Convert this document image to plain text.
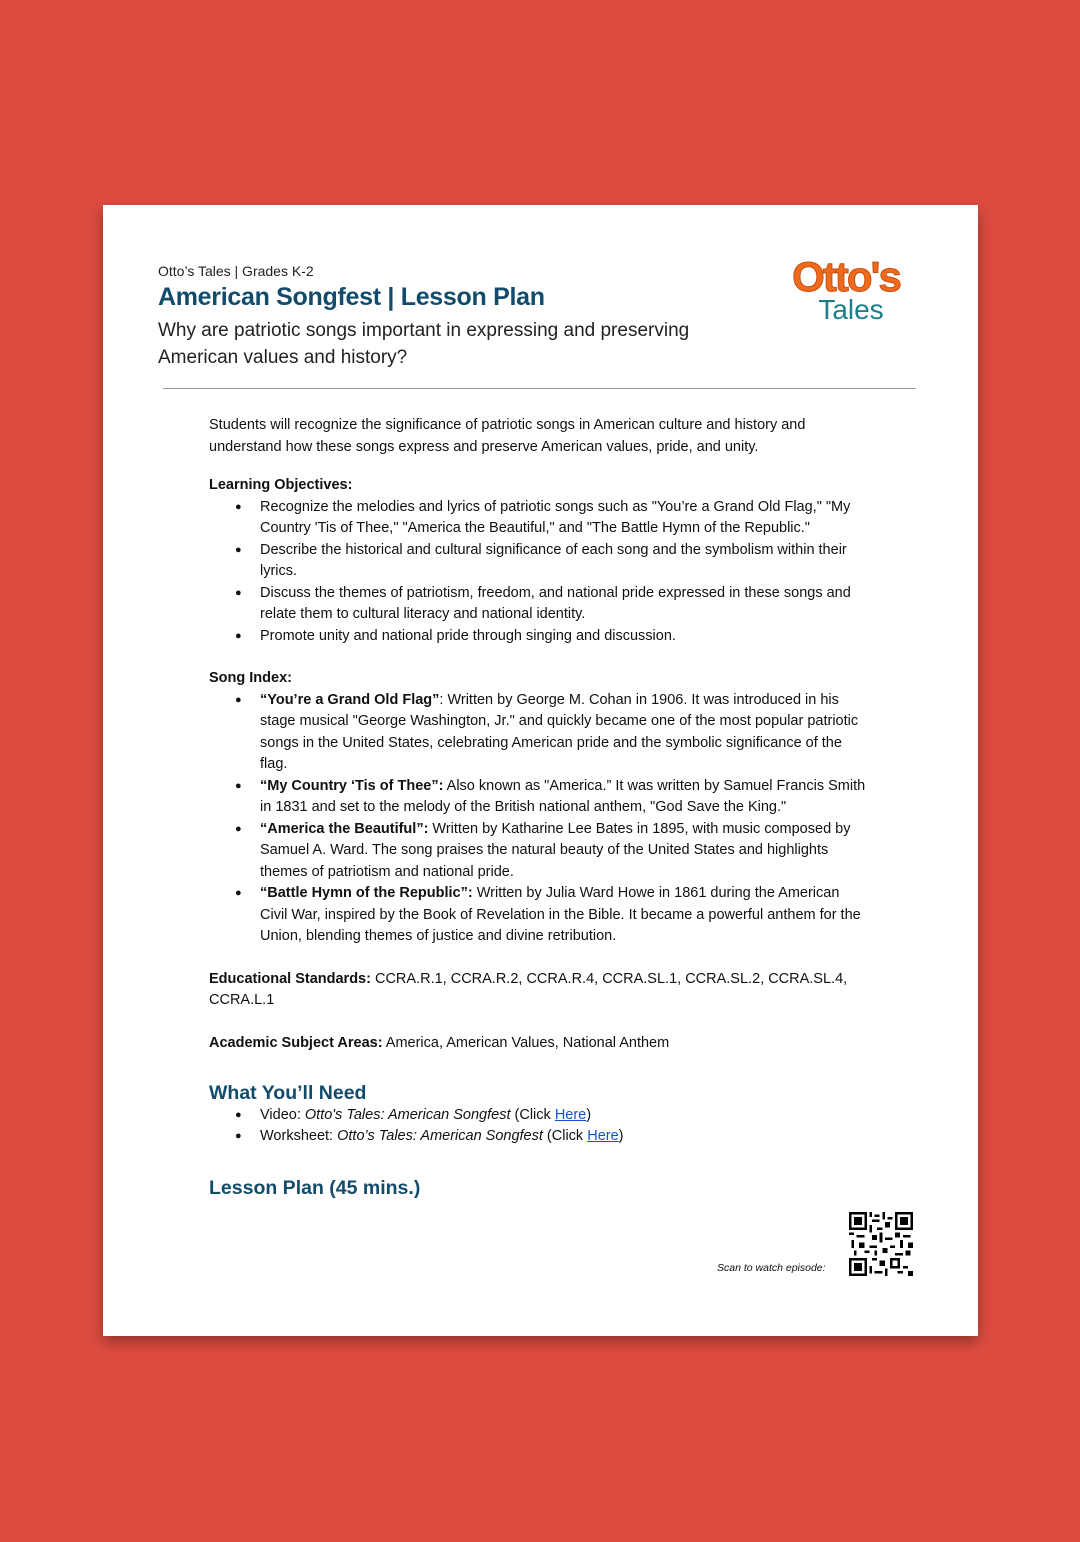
Otto’s Tales | Grades K-2
American Songfest | Lesson Plan
Why are patriotic songs important in expressing and preserving American values and history?
Otto's
Tales

Students will recognize the significance of patriotic songs in American culture and history and understand how these songs express and preserve American values, pride, and unity.

Learning Objectives:

● Recognize the melodies and lyrics of patriotic songs such as "You’re a Grand Old Flag," "My Country 'Tis of Thee," "America the Beautiful," and "The Battle Hymn of the Republic."
● Describe the historical and cultural significance of each song and the symbolism within their lyrics.
● Discuss the themes of patriotism, freedom, and national pride expressed in these songs and relate them to cultural literacy and national identity.
● Promote unity and national pride through singing and discussion.

Song Index:

● “You’re a Grand Old Flag”: Written by George M. Cohan in 1906. It was introduced in his stage musical "George Washington, Jr." and quickly became one of the most popular patriotic songs in the United States, celebrating American pride and the symbolic significance of the flag.
● “My Country ‘Tis of Thee”: Also known as "America.” It was written by Samuel Francis Smith in 1831 and set to the melody of the British national anthem, "God Save the King."
● “America the Beautiful”: Written by Katharine Lee Bates in 1895, with music composed by Samuel A. Ward. The song praises the natural beauty of the United States and highlights themes of patriotism and national pride.
● “Battle Hymn of the Republic”: Written by Julia Ward Howe in 1861 during the American Civil War, inspired by the Book of Revelation in the Bible. It became a powerful anthem for the Union, blending themes of justice and divine retribution.

Educational Standards: CCRA.R.1, CCRA.R.2, CCRA.R.4, CCRA.SL.1, CCRA.SL.2, CCRA.SL.4, CCRA.L.1

Academic Subject Areas: America, American Values, National Anthem

What You’ll Need

● Video: Otto's Tales: American Songfest (Click Here)
● Worksheet: Otto’s Tales: American Songfest (Click Here)

Lesson Plan (45 mins.)

Scan to watch episode:
